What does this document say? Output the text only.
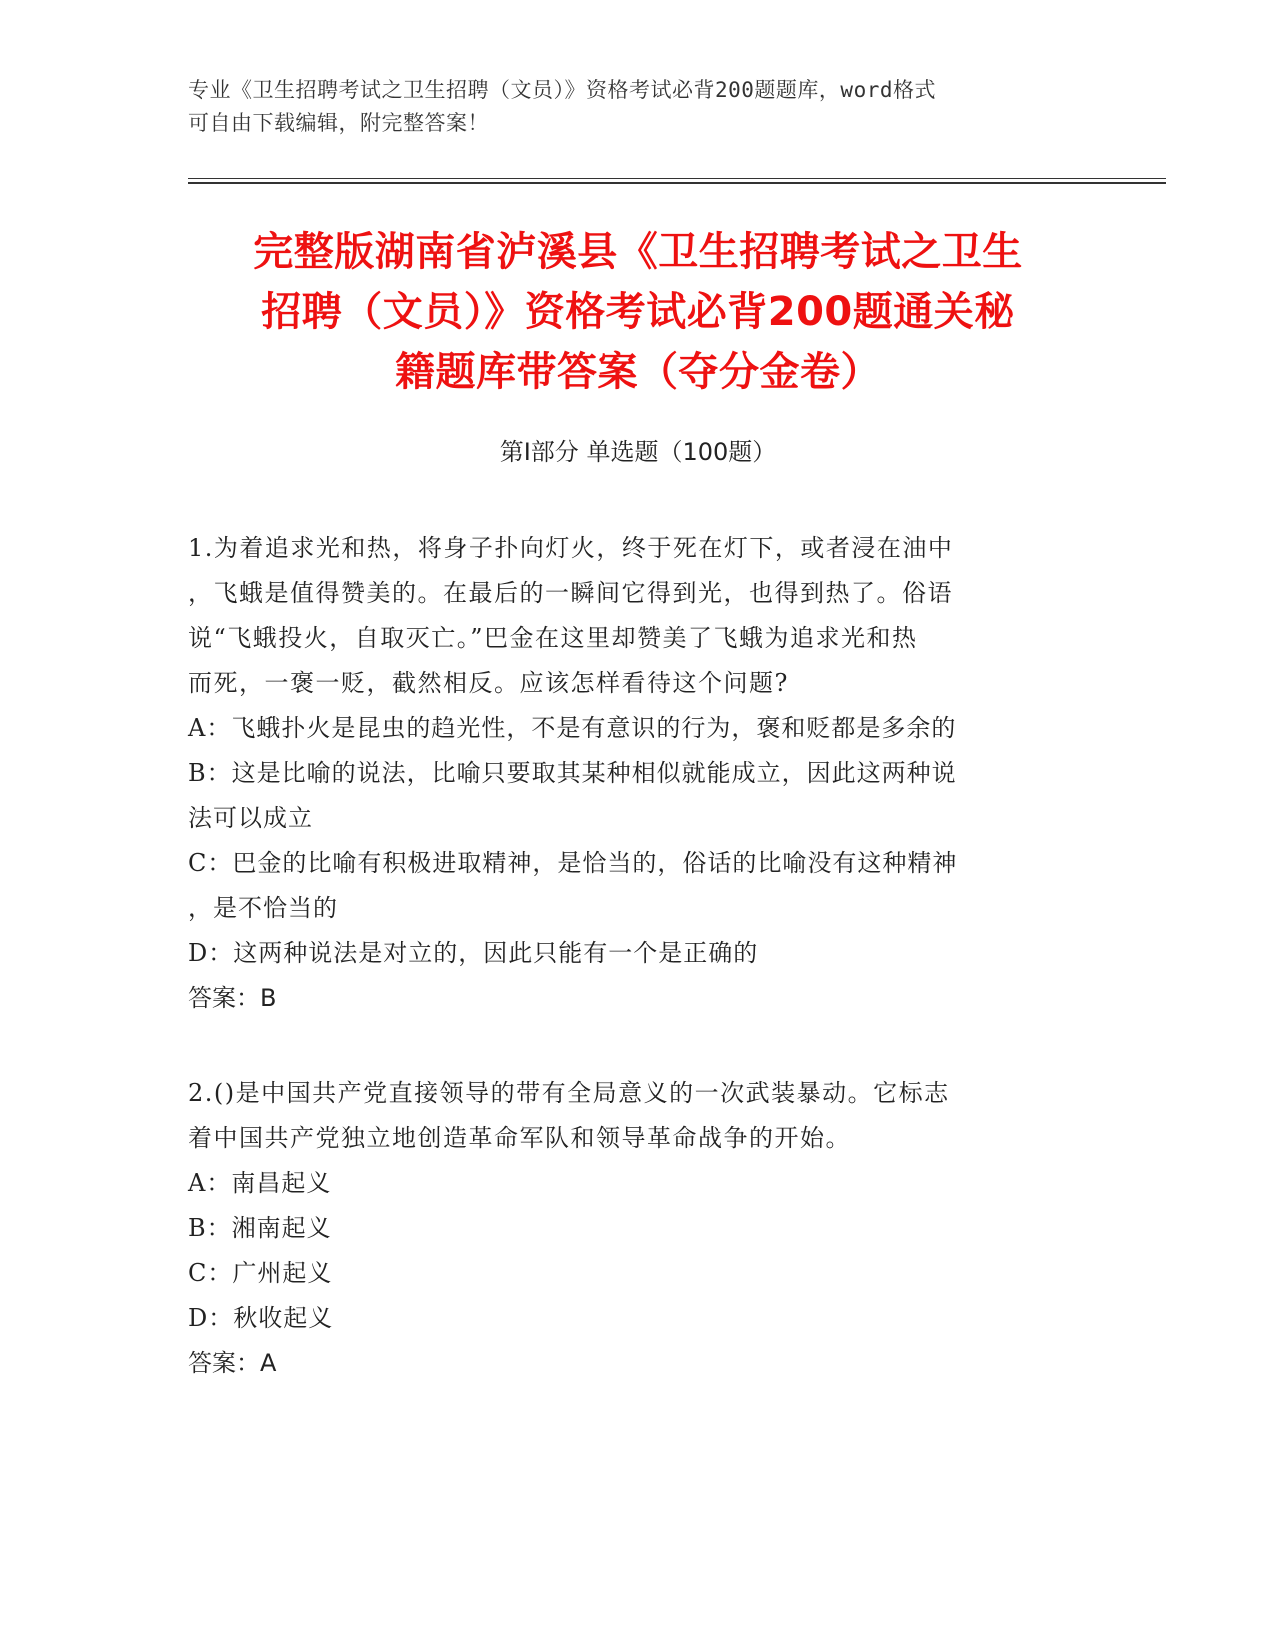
专业《卫生招聘考试之卫生招聘（文员）》资格考试必背200题题库，word格式
可自由下载编辑，附完整答案！
完整版湖南省泸溪县《卫生招聘考试之卫生
招聘（文员）》资格考试必背200题通关秘
籍题库带答案（夺分金卷）
第Ⅰ部分 单选题（100题）
1.为着追求光和热，将身子扑向灯火，终于死在灯下，或者浸在油中
，飞蛾是值得赞美的。在最后的一瞬间它得到光，也得到热了。俗语
说“飞蛾投火，自取灭亡。”巴金在这里却赞美了飞蛾为追求光和热
而死，一褒一贬，截然相反。应该怎样看待这个问题?
A：飞蛾扑火是昆虫的趋光性，不是有意识的行为，褒和贬都是多余的
B：这是比喻的说法，比喻只要取其某种相似就能成立，因此这两种说
法可以成立
C：巴金的比喻有积极进取精神，是恰当的，俗话的比喻没有这种精神
，是不恰当的
D：这两种说法是对立的，因此只能有一个是正确的
答案：B
2.()是中国共产党直接领导的带有全局意义的一次武装暴动。它标志
着中国共产党独立地创造革命军队和领导革命战争的开始。
A：南昌起义
B：湘南起义
C：广州起义
D：秋收起义
答案：A
